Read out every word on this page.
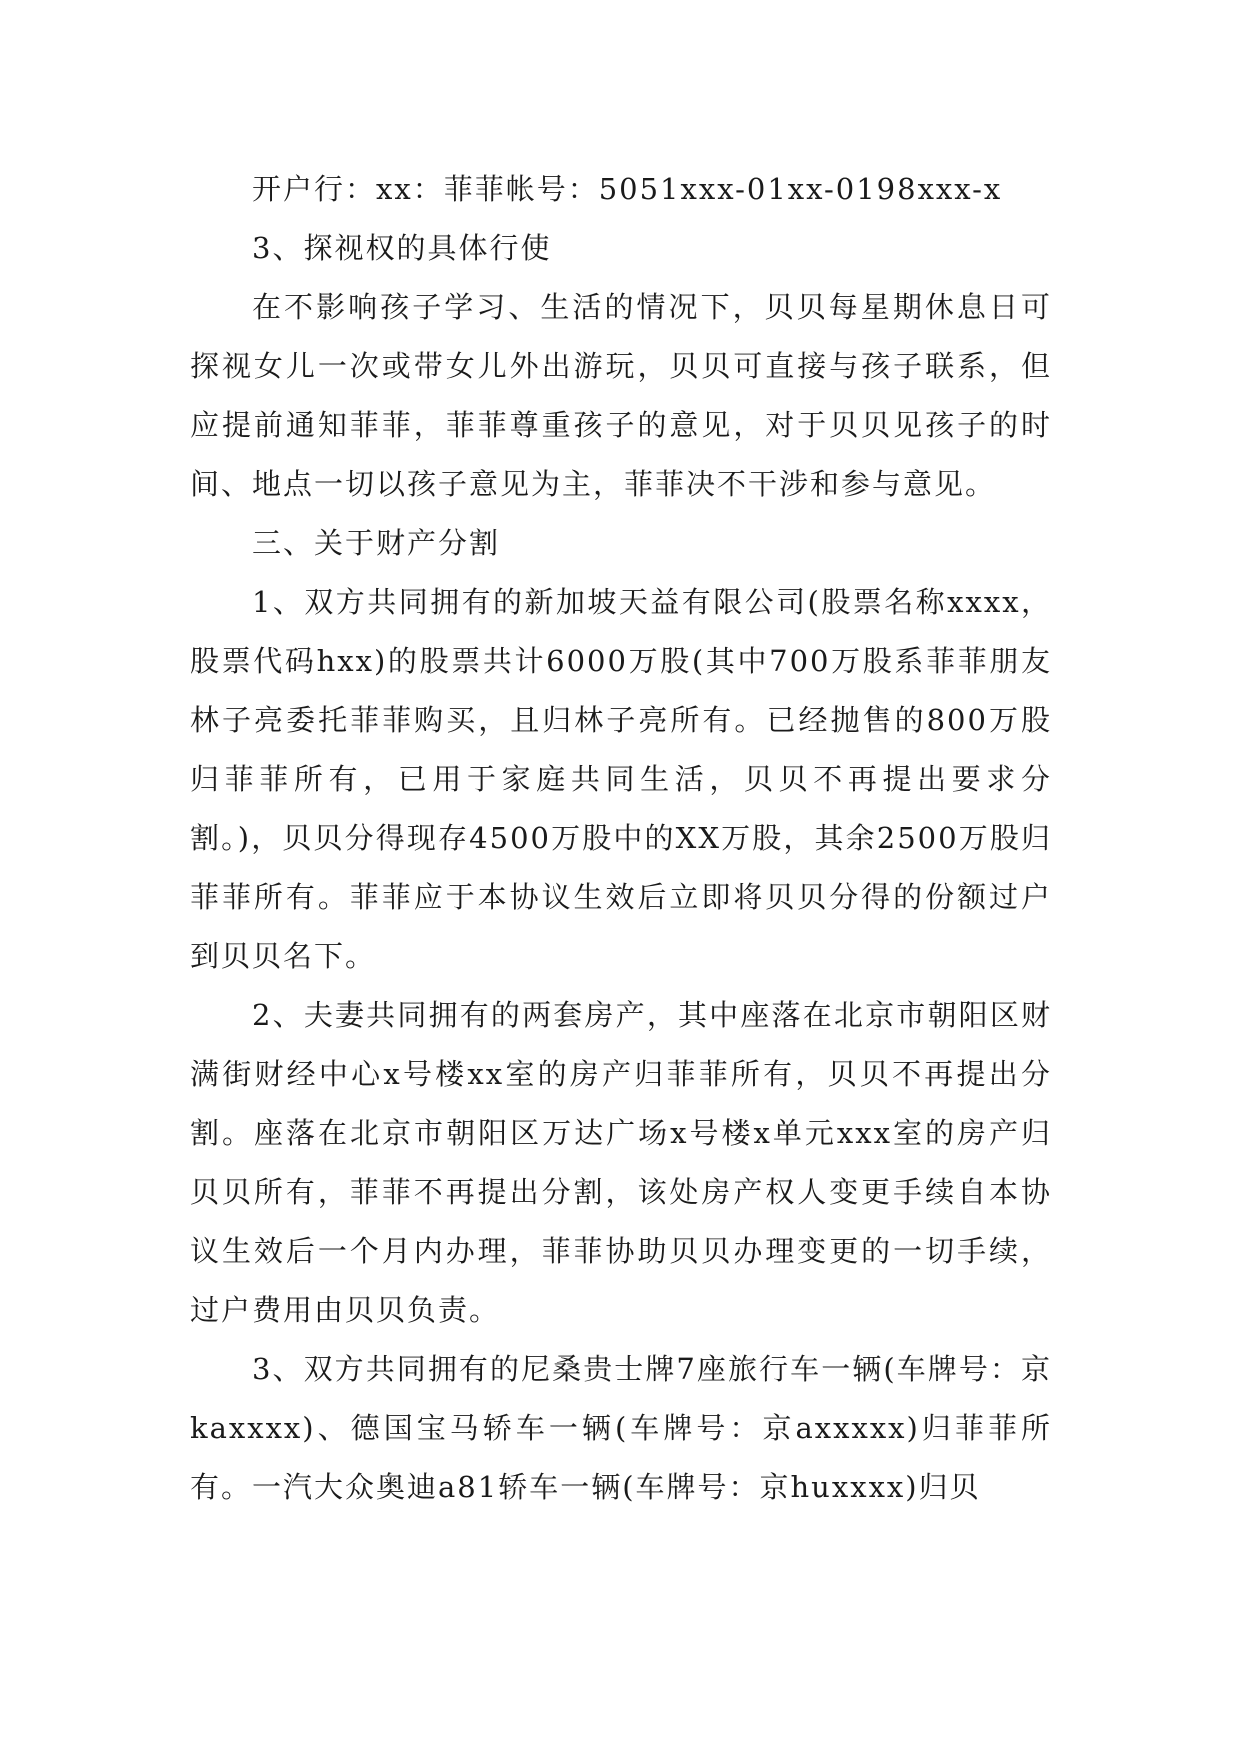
开户行：xx：菲菲帐号：5051xxx-01xx-0198xxx-x

3、探视权的具体行使

在不影响孩子学习、生活的情况下，贝贝每星期休息日可探视女儿一次或带女儿外出游玩，贝贝可直接与孩子联系，但应提前通知菲菲，菲菲尊重孩子的意见，对于贝贝见孩子的时间、地点一切以孩子意见为主，菲菲决不干涉和参与意见。

三、关于财产分割

1、双方共同拥有的新加坡天益有限公司(股票名称xxxx，股票代码hxx)的股票共计6000万股(其中700万股系菲菲朋友林子亮委托菲菲购买，且归林子亮所有。已经抛售的800万股归菲菲所有，已用于家庭共同生活，贝贝不再提出要求分割。)，贝贝分得现存4500万股中的XX万股，其余2500万股归菲菲所有。菲菲应于本协议生效后立即将贝贝分得的份额过户到贝贝名下。

2、夫妻共同拥有的两套房产，其中座落在北京市朝阳区财满街财经中心x号楼xx室的房产归菲菲所有，贝贝不再提出分割。座落在北京市朝阳区万达广场x号楼x单元xxx室的房产归贝贝所有，菲菲不再提出分割，该处房产权人变更手续自本协议生效后一个月内办理，菲菲协助贝贝办理变更的一切手续，过户费用由贝贝负责。

3、双方共同拥有的尼桑贵士牌7座旅行车一辆(车牌号：京kaxxxx)、德国宝马轿车一辆(车牌号：京axxxxx)归菲菲所有。一汽大众奥迪a81轿车一辆(车牌号：京huxxxx)归贝
